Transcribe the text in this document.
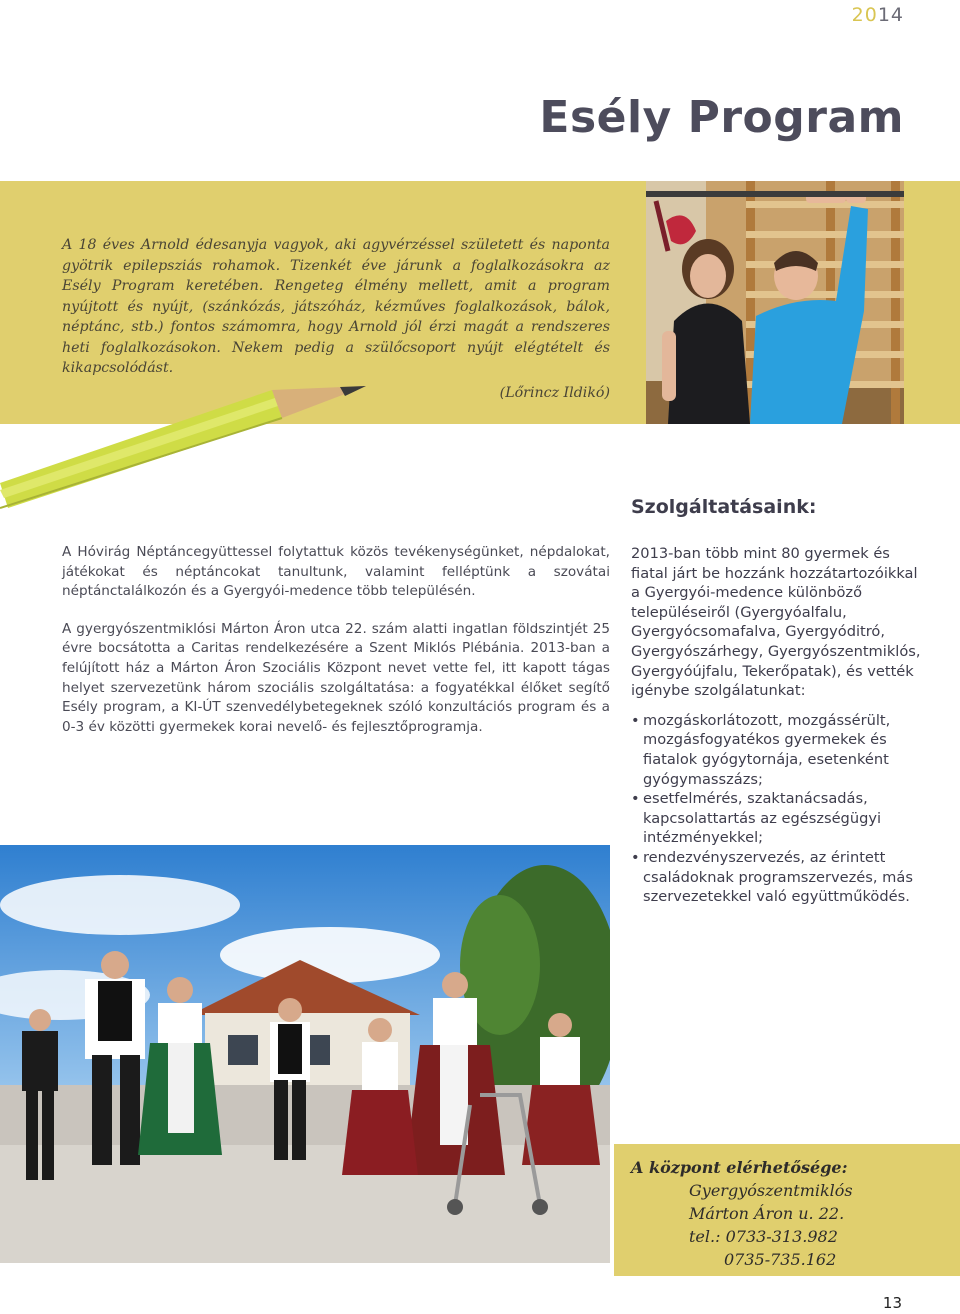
2014
Esély Program
A 18 éves Arnold édesanyja vagyok, aki agyvérzéssel született és naponta gyötrik epilepsziás rohamok. Tizenkét éve járunk a foglalkozásokra az Esély Program keretében. Rengeteg élmény mellett, amit a program nyújtott és nyújt, (szánkózás, játszóház, kézműves foglalkozások, bálok, néptánc, stb.) fontos számomra, hogy Arnold jól érzi magát a rendszeres heti foglalkozásokon. Nekem pedig a szülőcsoport nyújt elégtételt és kikapcsolódást.
(Lőrincz Ildikó)
Szolgáltatásaink:

A Hóvirág Néptáncegyüttessel folytattuk közös tevékenységünket, népdalokat, játékokat és néptáncokat tanultunk, valamint felléptünk a szovátai néptánctalálkozón és a Gyergyói-medence több településén.

A gyergyószentmiklósi Márton Áron utca 22. szám alatti ingatlan földszintjét 25 évre bocsátotta a Caritas rendelkezésére a Szent Miklós Plébánia. 2013-ban a felújított ház a Márton Áron Szociális Központ nevet vette fel, itt kapott tágas helyet szervezetünk három szociális szolgáltatása: a fogyatékkal élőket segítő Esély program, a KI-ÚT szenvedélybetegeknek szóló konzultációs program és a 0-3 év közötti gyermekek korai nevelő- és fejlesztőprogramja.

2013-ban több mint 80 gyermek és fiatal járt be hozzánk hozzátartozóikkal a Gyergyói-medence különböző településeiről (Gyergyóalfalu, Gyergyócsomafalva, Gyergyóditró, Gyergyószárhegy, Gyergyószentmiklós, Gyergyóújfalu, Tekerőpatak), és vették igénybe szolgálatunkat:

• mozgáskorlátozott, mozgássérült, mozgásfogyatékos gyermekek és fiatalok gyógytornája, esetenként gyógymasszázs;
• esetfelmérés, szaktanácsadás, kapcsolattartás az egészségügyi intézményekkel;
• rendezvényszervezés, az érintett családoknak programszervezés, más szervezetekkel való együttműködés.
A központ elérhetősége:
Gyergyószentmiklós
Márton Áron u. 22.
tel.: 0733-313.982
0735-735.162
13
